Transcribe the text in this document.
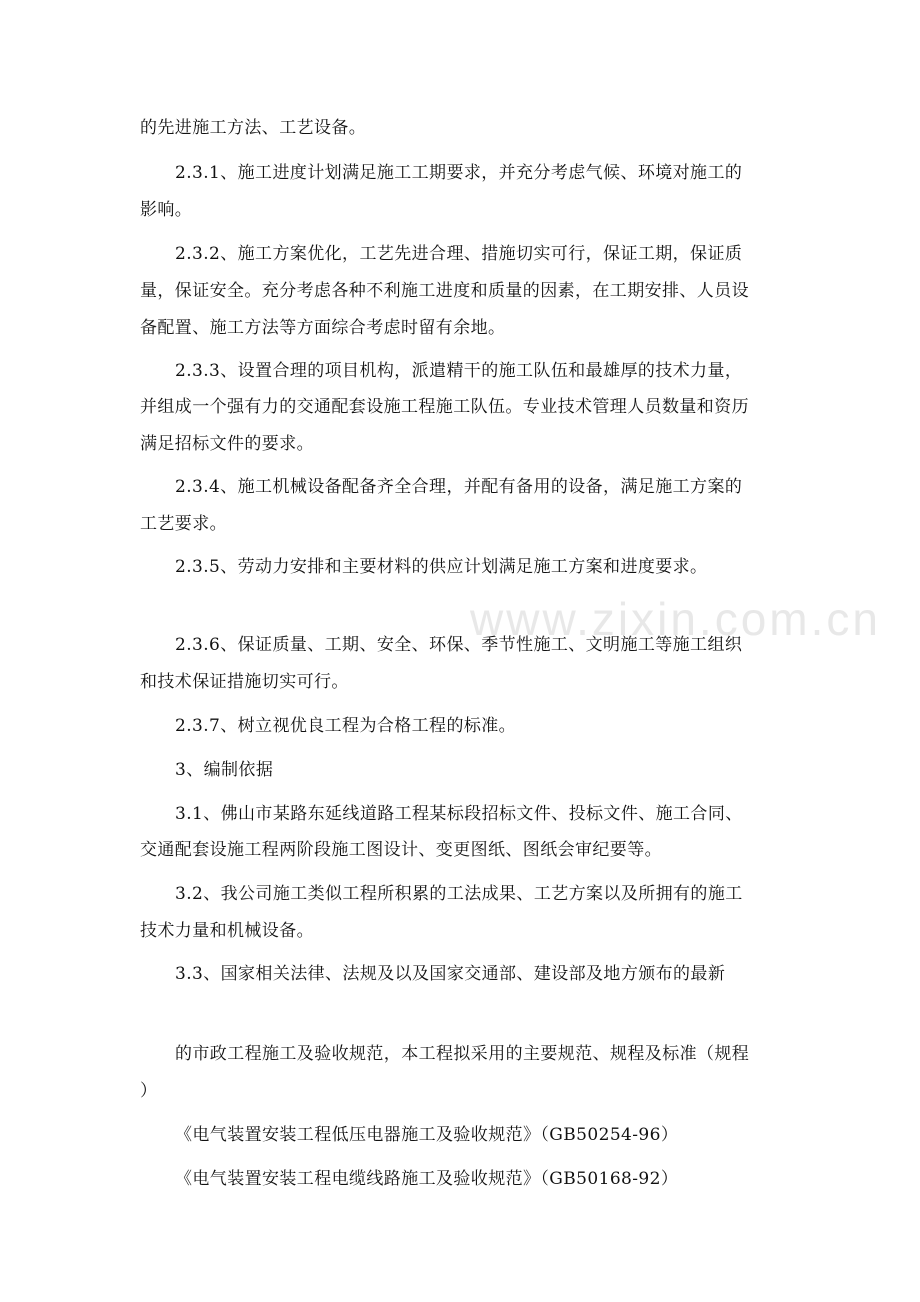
www.zixin.com.cn
的先进施工方法、工艺设备。
2.3.1、施工进度计划满足施工工期要求，并充分考虑气候、环境对施工的
影响。
2.3.2、施工方案优化，工艺先进合理、措施切实可行，保证工期，保证质
量，保证安全。充分考虑各种不利施工进度和质量的因素，在工期安排、人员设
备配置、施工方法等方面综合考虑时留有余地。
2.3.3、设置合理的项目机构，派遣精干的施工队伍和最雄厚的技术力量，
并组成一个强有力的交通配套设施工程施工队伍。专业技术管理人员数量和资历
满足招标文件的要求。
2.3.4、施工机械设备配备齐全合理，并配有备用的设备，满足施工方案的
工艺要求。
2.3.5、劳动力安排和主要材料的供应计划满足施工方案和进度要求。
2.3.6、保证质量、工期、安全、环保、季节性施工、文明施工等施工组织
和技术保证措施切实可行。
2.3.7、树立视优良工程为合格工程的标准。
3、编制依据
3.1、佛山市某路东延线道路工程某标段招标文件、投标文件、施工合同、
交通配套设施工程两阶段施工图设计、变更图纸、图纸会审纪要等。
3.2、我公司施工类似工程所积累的工法成果、工艺方案以及所拥有的施工
技术力量和机械设备。
3.3、国家相关法律、法规及以及国家交通部、建设部及地方颁布的最新
的市政工程施工及验收规范，本工程拟采用的主要规范、规程及标准（规程
）
《电气装置安装工程低压电器施工及验收规范》（GB50254-96）
《电气装置安装工程电缆线路施工及验收规范》（GB50168-92）
